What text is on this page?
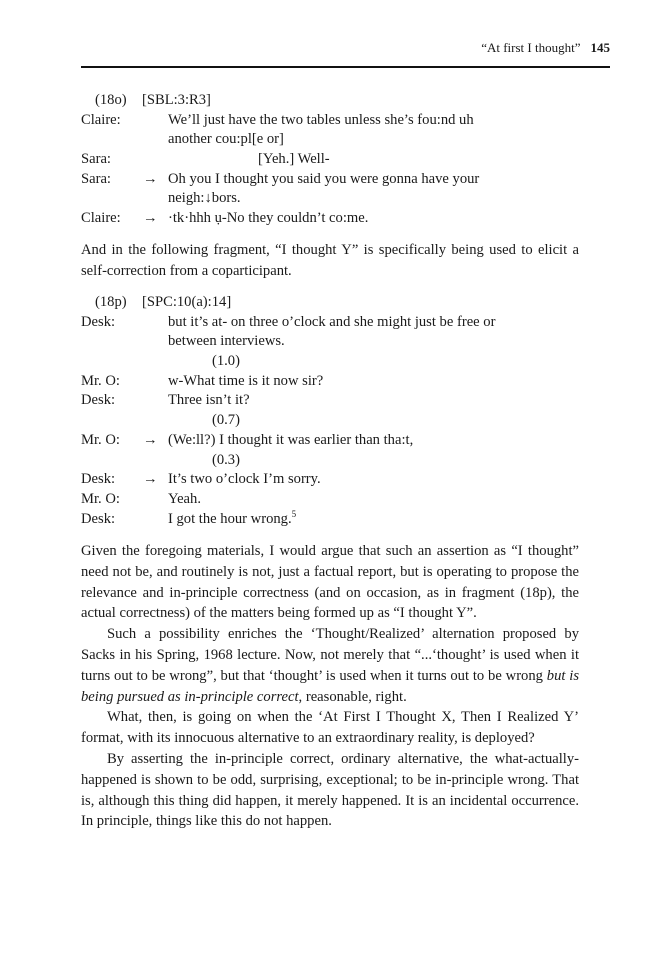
“At first I thought” 145
(18o) [SBL:3:R3]
Claire:	We’ll just have the two tables unless she’s fou:nd uh
another cou:pl[e or]
Sara:	[Yeh.] Well-
Sara: → Oh you I thought you said you were gonna have your
neigh:↓bors.
Claire: → ·tk·hhh ụ-No they couldn’t co:me.

And in the following fragment, “I thought Y” is specifically being used to elicit a self-correction from a coparticipant.

(18p) [SPC:10(a):14]
Desk:	but it’s at- on three o’clock and she might just be free or
between interviews.
(1.0)
Mr. O:	w-What time is it now sir?
Desk:	Three isn’t it?
(0.7)
Mr. O: → (We:ll?) I thought it was earlier than tha:t,
(0.3)
Desk: → It’s two o’clock I’m sorry.
Mr. O:	Yeah.
Desk:	I got the hour wrong.$^5$

Given the foregoing materials, I would argue that such an assertion as “I thought” need not be, and routinely is not, just a factual report, but is operating to propose the relevance and in-principle correctness (and on occasion, as in fragment (18p), the actual correctness) of the matters being formed up as “I thought Y”.

Such a possibility enriches the ‘Thought/Realized’ alternation proposed by Sacks in his Spring, 1968 lecture. Now, not merely that “...‘thought’ is used when it turns out to be wrong”, but that ‘thought’ is used when it turns out to be wrong but is being pursued as in-principle correct, reasonable, right.

What, then, is going on when the ‘At First I Thought X, Then I Realized Y’ format, with its innocuous alternative to an extraordinary reality, is deployed?

By asserting the in-principle correct, ordinary alternative, the what-actually-happened is shown to be odd, surprising, exceptional; to be in-principle wrong. That is, although this thing did happen, it merely happened. It is an incidental occurrence. In principle, things like this do not happen.
